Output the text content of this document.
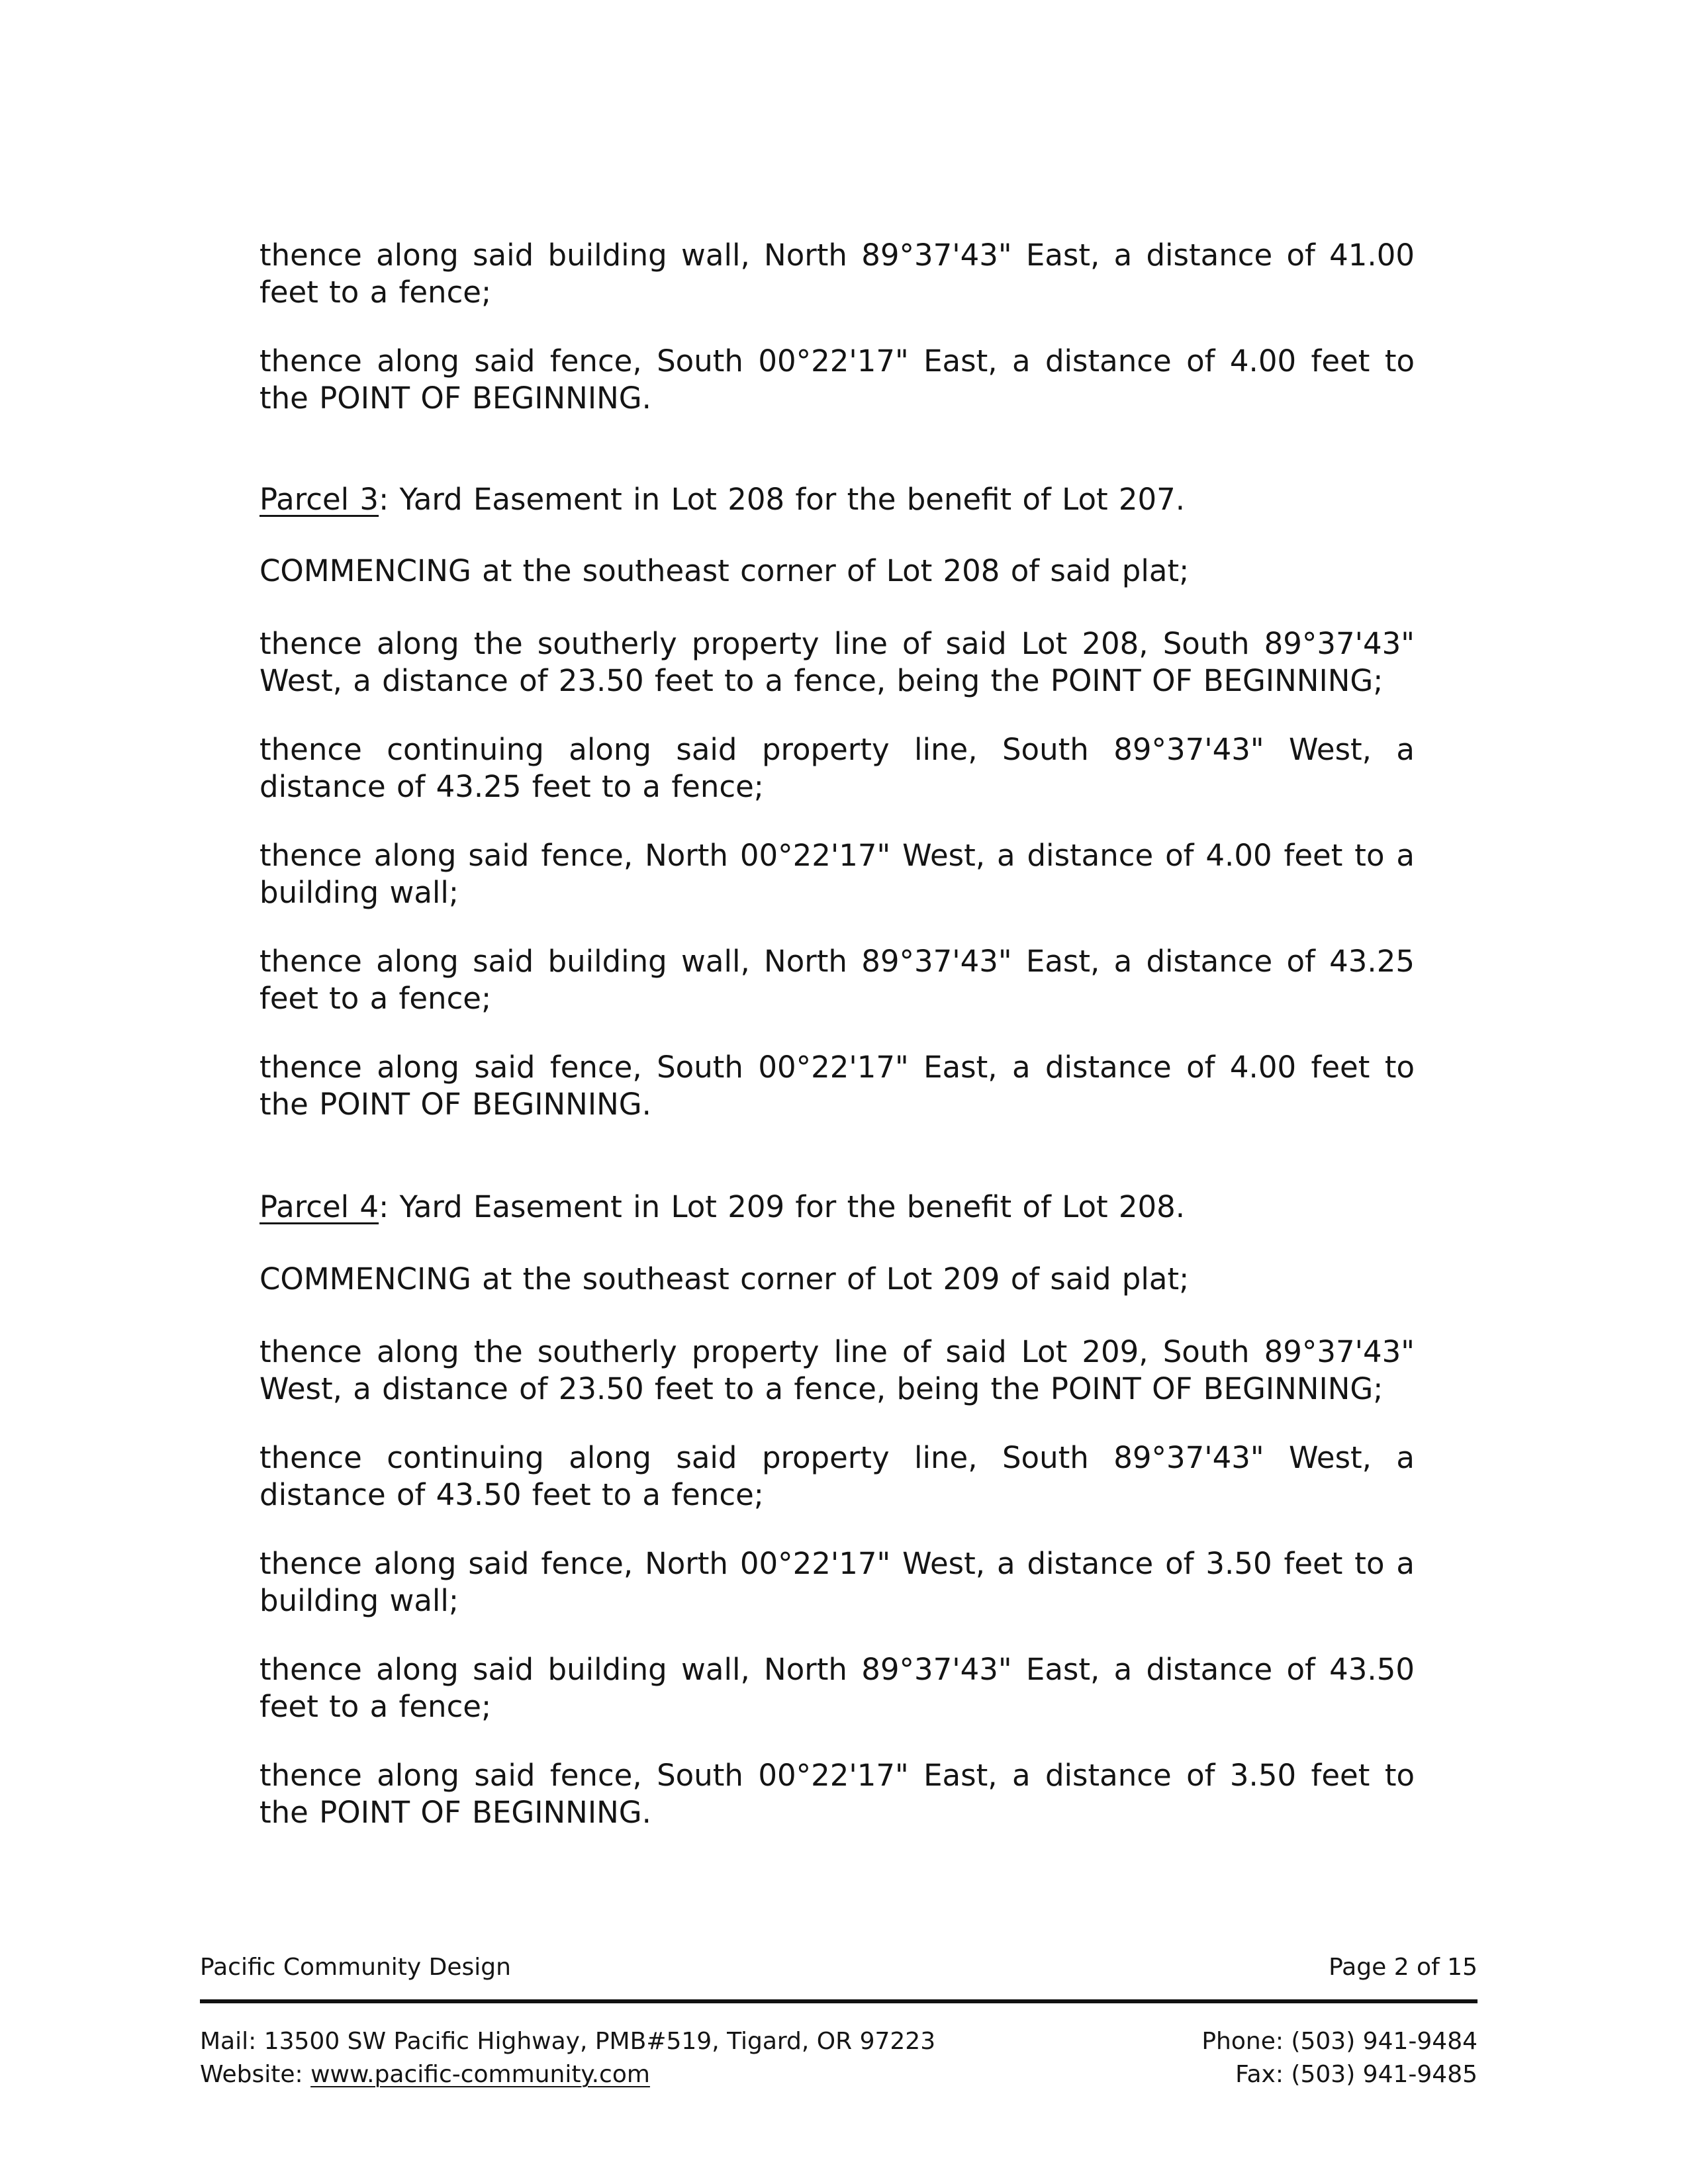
thence along said building wall, North 89°37'43" East, a distance of 41.00 feet to a fence;

thence along said fence, South 00°22'17" East, a distance of 4.00 feet to the POINT OF BEGINNING.

Parcel 3: Yard Easement in Lot 208 for the benefit of Lot 207.

COMMENCING at the southeast corner of Lot 208 of said plat;

thence along the southerly property line of said Lot 208, South 89°37'43" West, a distance of 23.50 feet to a fence, being the POINT OF BEGINNING;

thence continuing along said property line, South 89°37'43" West, a distance of 43.25 feet to a fence;

thence along said fence, North 00°22'17" West, a distance of 4.00 feet to a building wall;

thence along said building wall, North 89°37'43" East, a distance of 43.25 feet to a fence;

thence along said fence, South 00°22'17" East, a distance of 4.00 feet to the POINT OF BEGINNING.

Parcel 4: Yard Easement in Lot 209 for the benefit of Lot 208.

COMMENCING at the southeast corner of Lot 209 of said plat;

thence along the southerly property line of said Lot 209, South 89°37'43" West, a distance of 23.50 feet to a fence, being the POINT OF BEGINNING;

thence continuing along said property line, South 89°37'43" West, a distance of 43.50 feet to a fence;

thence along said fence, North 00°22'17" West, a distance of 3.50 feet to a building wall;

thence along said building wall, North 89°37'43" East, a distance of 43.50 feet to a fence;

thence along said fence, South 00°22'17" East, a distance of 3.50 feet to the POINT OF BEGINNING.

Pacific Community Design	Page 2 of 15
Mail: 13500 SW Pacific Highway, PMB#519, Tigard, OR 97223
Website: www.pacific-community.com
Phone: (503) 941-9484
Fax: (503) 941-9485
